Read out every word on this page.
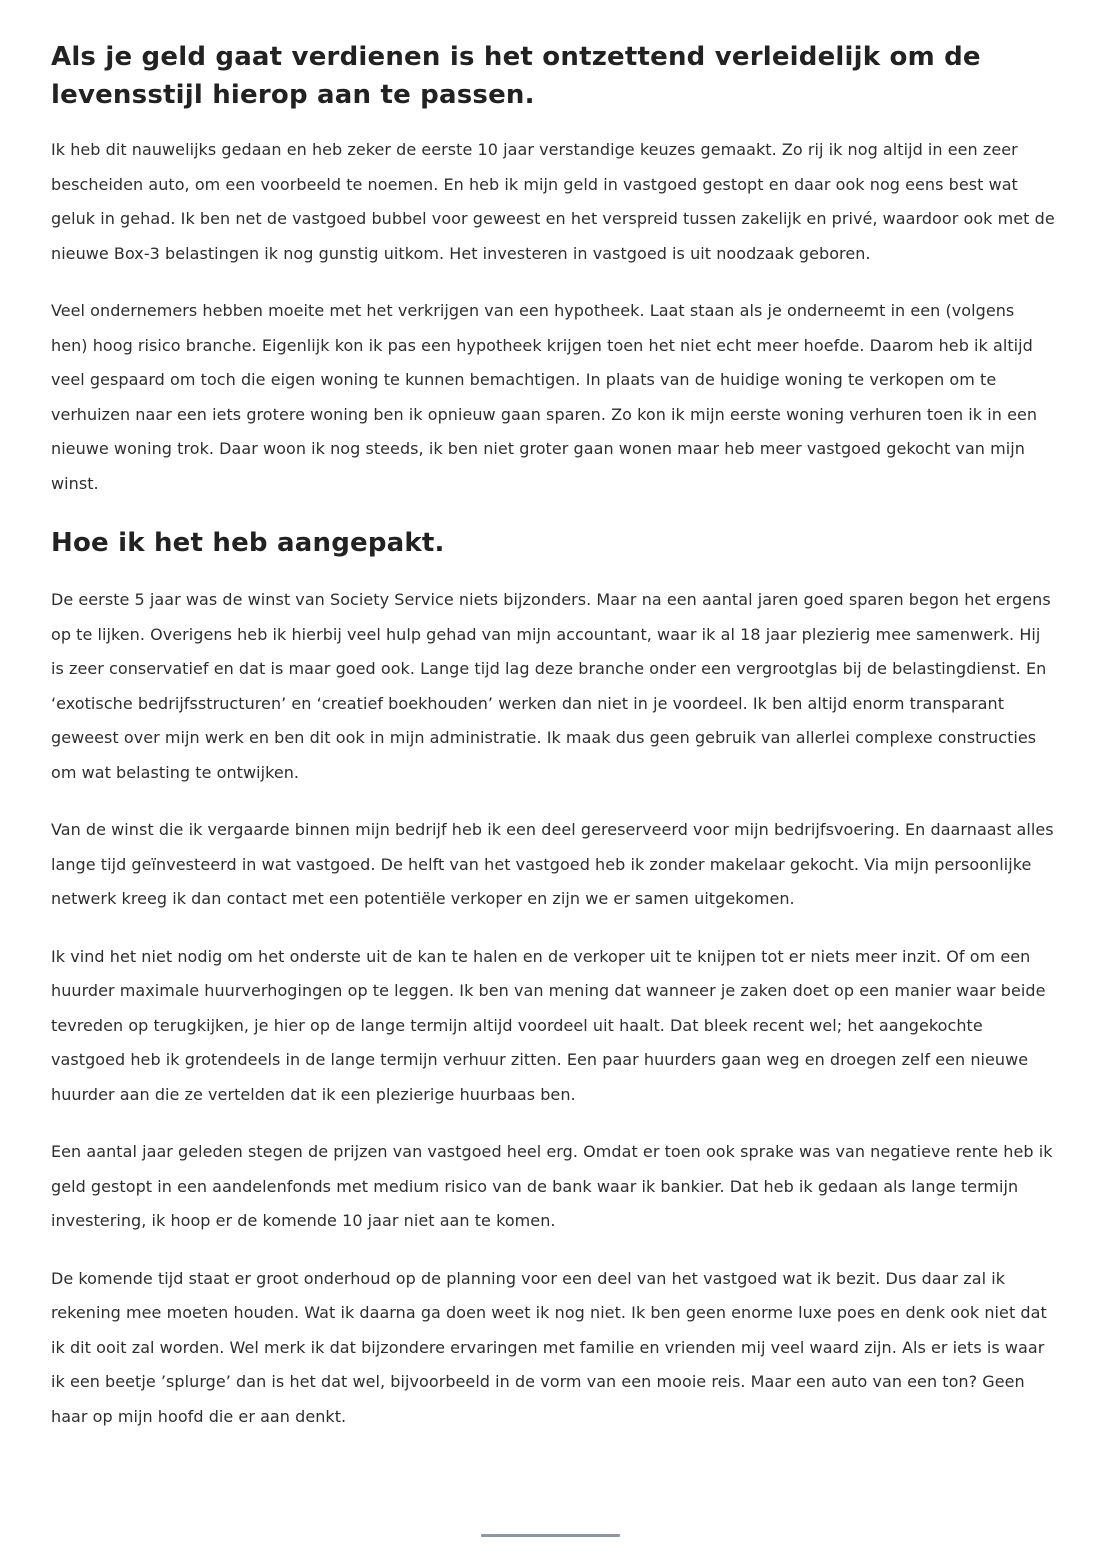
Als je geld gaat verdienen is het ontzettend verleidelijk om de levensstijl hierop aan te passen.

Ik heb dit nauwelijks gedaan en heb zeker de eerste 10 jaar verstandige keuzes gemaakt. Zo rij ik nog altijd in een zeer bescheiden auto, om een voorbeeld te noemen. En heb ik mijn geld in vastgoed gestopt en daar ook nog eens best wat geluk in gehad. Ik ben net de vastgoed bubbel voor geweest en het verspreid tussen zakelijk en privé, waardoor ook met de nieuwe Box-3 belastingen ik nog gunstig uitkom. Het investeren in vastgoed is uit noodzaak geboren.

Veel ondernemers hebben moeite met het verkrijgen van een hypotheek. Laat staan als je onderneemt in een (volgens hen) hoog risico branche. Eigenlijk kon ik pas een hypotheek krijgen toen het niet echt meer hoefde. Daarom heb ik altijd veel gespaard om toch die eigen woning te kunnen bemachtigen. In plaats van de huidige woning te verkopen om te verhuizen naar een iets grotere woning ben ik opnieuw gaan sparen. Zo kon ik mijn eerste woning verhuren toen ik in een nieuwe woning trok. Daar woon ik nog steeds, ik ben niet groter gaan wonen maar heb meer vastgoed gekocht van mijn winst.

Hoe ik het heb aangepakt.

De eerste 5 jaar was de winst van Society Service niets bijzonders. Maar na een aantal jaren goed sparen begon het ergens op te lijken. Overigens heb ik hierbij veel hulp gehad van mijn accountant, waar ik al 18 jaar plezierig mee samenwerk. Hij is zeer conservatief en dat is maar goed ook. Lange tijd lag deze branche onder een vergrootglas bij de belastingdienst. En ‘exotische bedrijfsstructuren’ en ‘creatief boekhouden’ werken dan niet in je voordeel. Ik ben altijd enorm transparant geweest over mijn werk en ben dit ook in mijn administratie. Ik maak dus geen gebruik van allerlei complexe constructies om wat belasting te ontwijken.

Van de winst die ik vergaarde binnen mijn bedrijf heb ik een deel gereserveerd voor mijn bedrijfsvoering. En daarnaast alles lange tijd geïnvesteerd in wat vastgoed. De helft van het vastgoed heb ik zonder makelaar gekocht. Via mijn persoonlijke netwerk kreeg ik dan contact met een potentiële verkoper en zijn we er samen uitgekomen.

Ik vind het niet nodig om het onderste uit de kan te halen en de verkoper uit te knijpen tot er niets meer inzit. Of om een huurder maximale huurverhogingen op te leggen. Ik ben van mening dat wanneer je zaken doet op een manier waar beide tevreden op terugkijken, je hier op de lange termijn altijd voordeel uit haalt. Dat bleek recent wel; het aangekochte vastgoed heb ik grotendeels in de lange termijn verhuur zitten. Een paar huurders gaan weg en droegen zelf een nieuwe huurder aan die ze vertelden dat ik een plezierige huurbaas ben.

Een aantal jaar geleden stegen de prijzen van vastgoed heel erg. Omdat er toen ook sprake was van negatieve rente heb ik geld gestopt in een aandelenfonds met medium risico van de bank waar ik bankier. Dat heb ik gedaan als lange termijn investering, ik hoop er de komende 10 jaar niet aan te komen.

De komende tijd staat er groot onderhoud op de planning voor een deel van het vastgoed wat ik bezit. Dus daar zal ik rekening mee moeten houden. Wat ik daarna ga doen weet ik nog niet. Ik ben geen enorme luxe poes en denk ook niet dat ik dit ooit zal worden. Wel merk ik dat bijzondere ervaringen met familie en vrienden mij veel waard zijn. Als er iets is waar ik een beetje ’splurge’ dan is het dat wel, bijvoorbeeld in de vorm van een mooie reis. Maar een auto van een ton? Geen haar op mijn hoofd die er aan denkt.
